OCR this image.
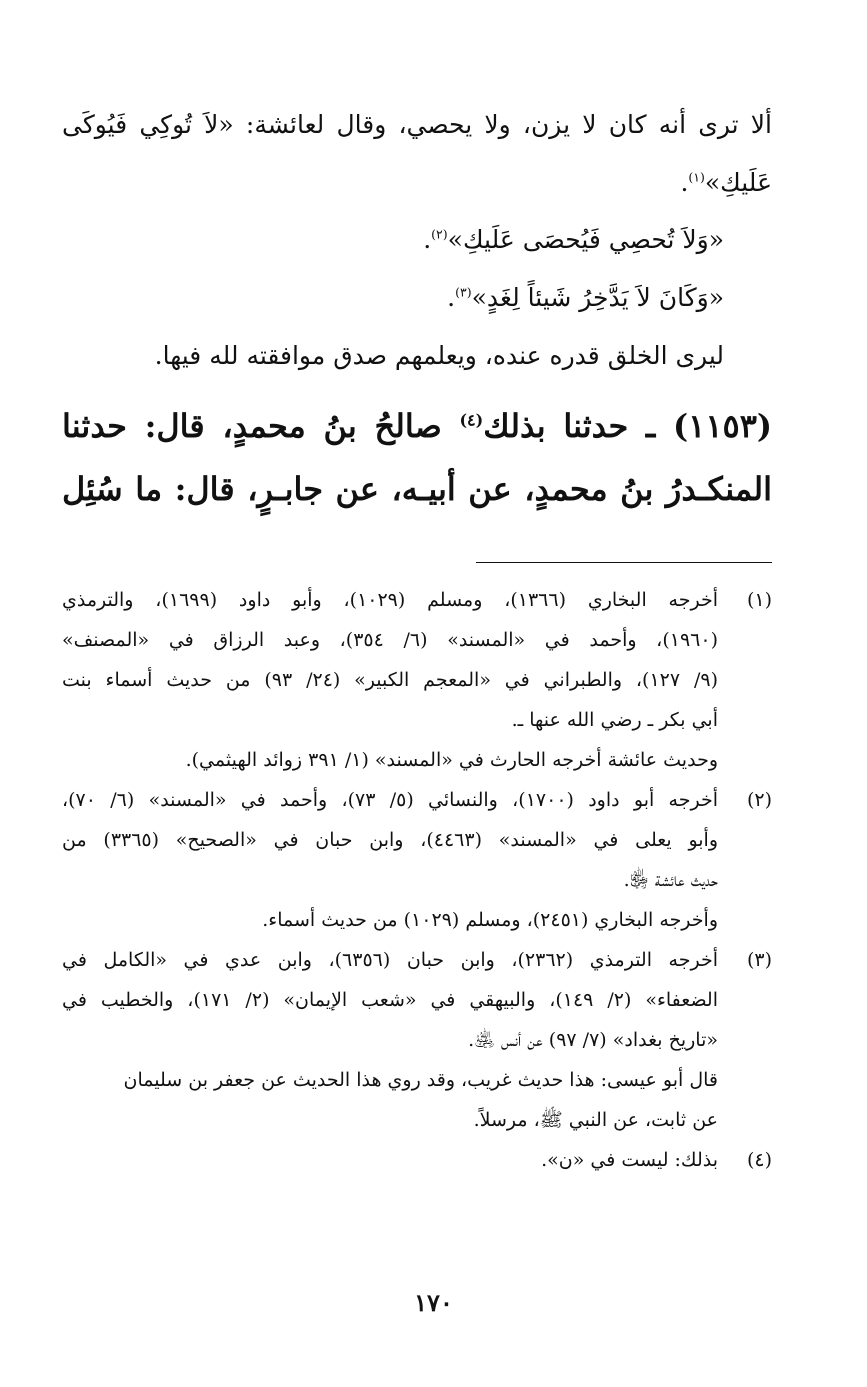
ألا ترى أنه كان لا يزن، ولا يحصي، وقال لعائشة: «لاَ تُوكِي فَيُوكَى

عَلَيكِ»$^{(١)}$.

«وَلاَ تُحصِي فَيُحصَى عَلَيكِ»$^{(٢)}$.

«وَكَانَ لاَ يَدَّخِرُ شَيئاً لِغَدٍ»$^{(٣)}$.

ليرى الخلق قدره عنده، ويعلمهم صدق موافقته لله فيها.

(١١٥٣) ـ حدثنا بذلك$^{(٤)}$ صالحُ بنُ محمدٍ، قال: حدثنا

المنكـدرُ بنُ محمدٍ، عن أبيـه، عن جابـرٍ، قال: ما سُئِل

(١)

أخرجه البخاري (١٣٦٦)، ومسلم (١٠٢٩)، وأبو داود (١٦٩٩)، والترمذي

(١٩٦٠)، وأحمد في «المسند» (٦/ ٣٥٤)، وعبد الرزاق في «المصنف»

(٩/ ١٢٧)، والطبراني في «المعجم الكبير» (٢٤/ ٩٣) من حديث أسماء بنت

أبي بكر ـ رضي الله عنها ـ.

وحديث عائشة أخرجه الحارث في «المسند» (١/ ٣٩١ زوائد الهيثمي).

(٢)

أخرجه أبو داود (١٧٠٠)، والنسائي (٥/ ٧٣)، وأحمد في «المسند» (٦/ ٧٠)،

وأبو يعلى في «المسند» (٤٤٦٣)، وابن حبان في «الصحيح» (٣٣٦٥) من

حديث عائشة ﵂.

وأخرجه البخاري (٢٤٥١)، ومسلم (١٠٢٩) من حديث أسماء.

(٣)

أخرجه الترمذي (٢٣٦٢)، وابن حبان (٦٣٥٦)، وابن عدي في «الكامل في

الضعفاء» (٢/ ١٤٩)، والبيهقي في «شعب الإيمان» (٢/ ١٧١)، والخطيب في

«تاريخ بغداد» (٧/ ٩٧) عن أنس ﵁.

قال أبو عيسى: هذا حديث غريب، وقد روي هذا الحديث عن جعفر بن سليمان

عن ثابت، عن النبي ﷺ، مرسلاً.

(٤)

بذلك: ليست في «ن».

١٧٠
